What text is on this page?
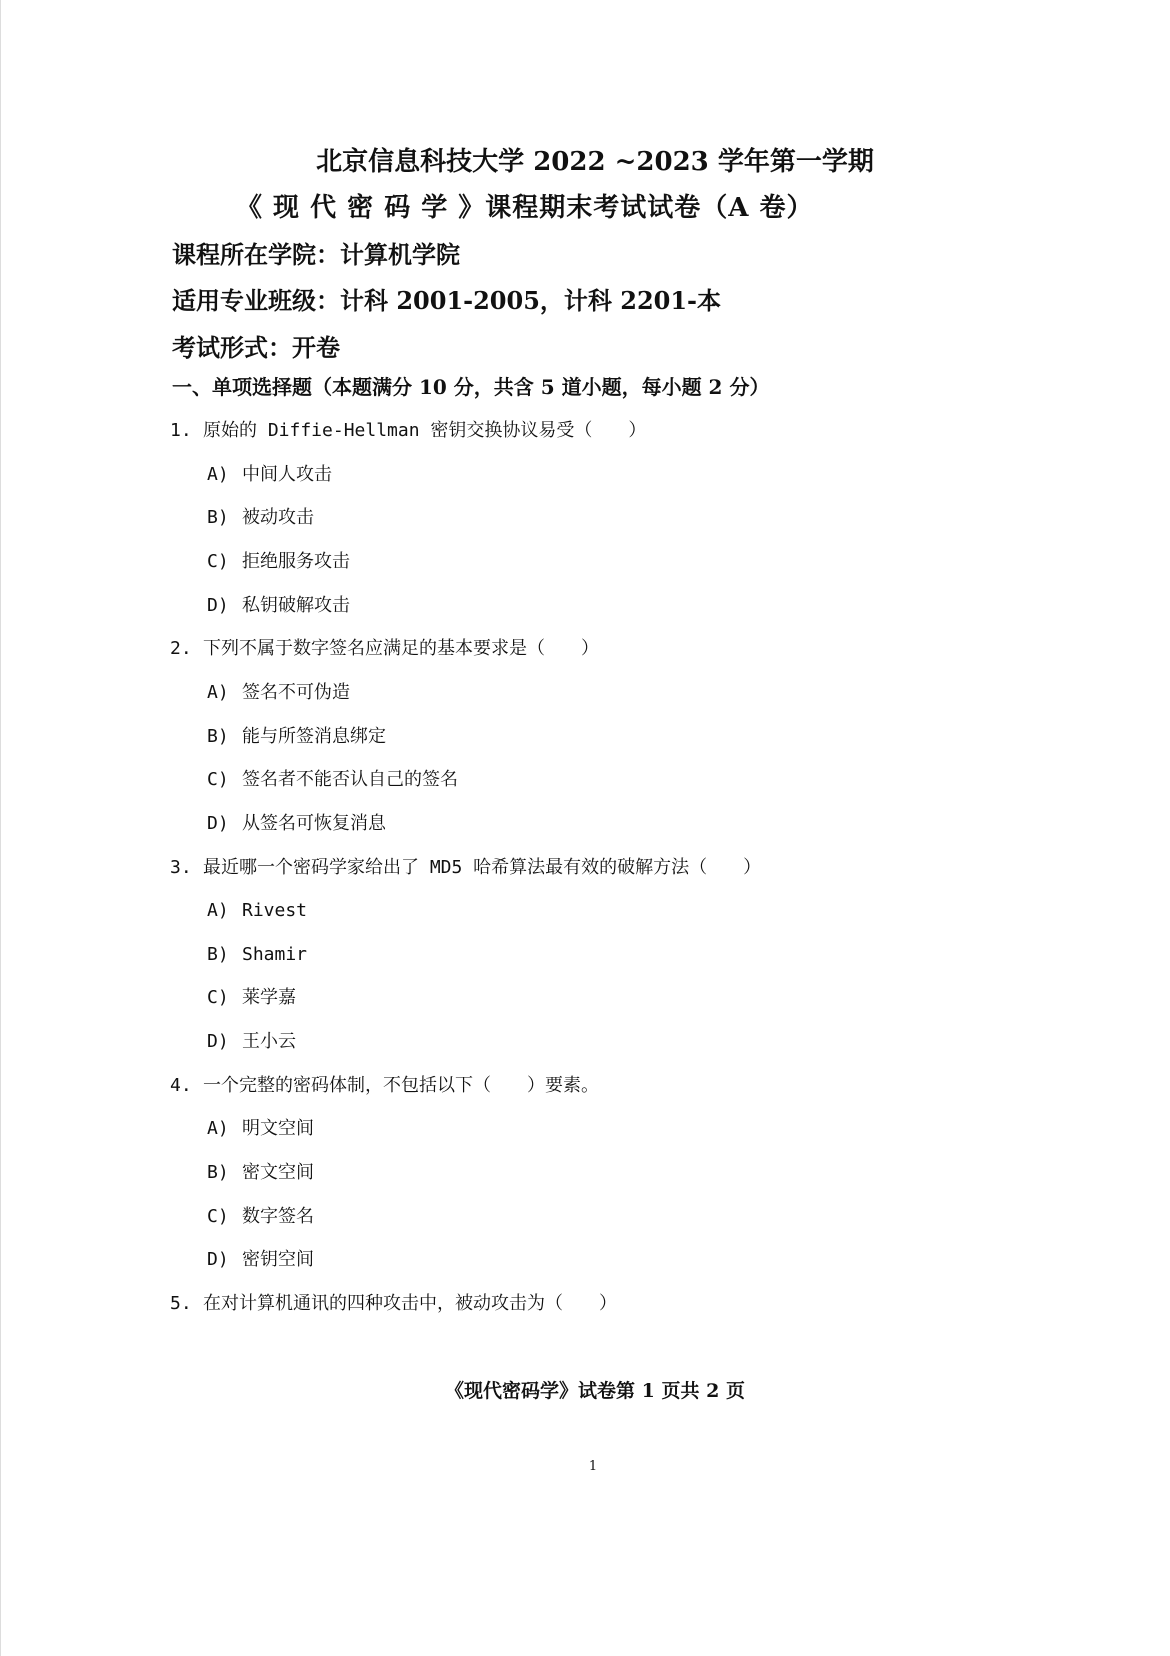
北京信息科技大学 2022 ~2023 学年第一学期
《 现 代 密 码 学 》课程期末考试试卷（A 卷）
课程所在学院：计算机学院
适用专业班级：计科 2001-2005，计科 2201-本
考试形式：开卷
一、单项选择题（本题满分 10 分，共含 5 道小题，每小题 2 分）
1. 原始的 Diffie-Hellman 密钥交换协议易受（　　）
A) 中间人攻击
B) 被动攻击
C) 拒绝服务攻击
D) 私钥破解攻击
2. 下列不属于数字签名应满足的基本要求是（　　）
A) 签名不可伪造
B) 能与所签消息绑定
C) 签名者不能否认自己的签名
D) 从签名可恢复消息
3. 最近哪一个密码学家给出了 MD5 哈希算法最有效的破解方法（　　）
A) Rivest
B) Shamir
C) 莱学嘉
D) 王小云
4. 一个完整的密码体制，不包括以下（　　）要素。
A) 明文空间
B) 密文空间
C) 数字签名
D) 密钥空间
5. 在对计算机通讯的四种攻击中，被动攻击为（　　）
《现代密码学》试卷第 1 页共 2 页
1
